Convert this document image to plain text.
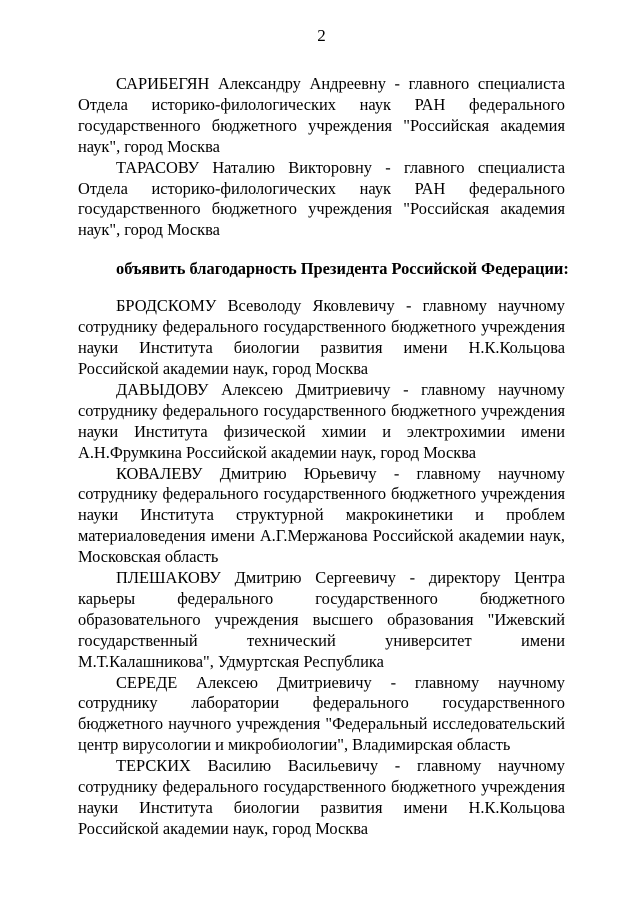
2

САРИБЕГЯН Александру Андреевну - главного специалиста Отдела историко-филологических наук РАН федерального государственного бюджетного учреждения "Российская академия наук", город Москва

ТАРАСОВУ Наталию Викторовну - главного специалиста Отдела историко-филологических наук РАН федерального государственного бюджетного учреждения "Российская академия наук", город Москва

объявить благодарность Президента Российской Федерации:

БРОДСКОМУ Всеволоду Яковлевичу - главному научному сотруднику федерального государственного бюджетного учреждения науки Института биологии развития имени Н.К.Кольцова Российской академии наук, город Москва

ДАВЫДОВУ Алексею Дмитриевичу - главному научному сотруднику федерального государственного бюджетного учреждения науки Института физической химии и электрохимии имени А.Н.Фрумкина Российской академии наук, город Москва

КОВАЛЕВУ Дмитрию Юрьевичу - главному научному сотруднику федерального государственного бюджетного учреждения науки Института структурной макрокинетики и проблем материаловедения имени А.Г.Мержанова Российской академии наук, Московская область

ПЛЕШАКОВУ Дмитрию Сергеевичу - директору Центра карьеры федерального государственного бюджетного образовательного учреждения высшего образования "Ижевский государственный технический университет имени М.Т.Калашникова", Удмуртская Республика

СЕРЕДЕ Алексею Дмитриевичу - главному научному сотруднику лаборатории федерального государственного бюджетного научного учреждения "Федеральный исследовательский центр вирусологии и микробиологии", Владимирская область

ТЕРСКИХ Василию Васильевичу - главному научному сотруднику федерального государственного бюджетного учреждения науки Института биологии развития имени Н.К.Кольцова Российской академии наук, город Москва
